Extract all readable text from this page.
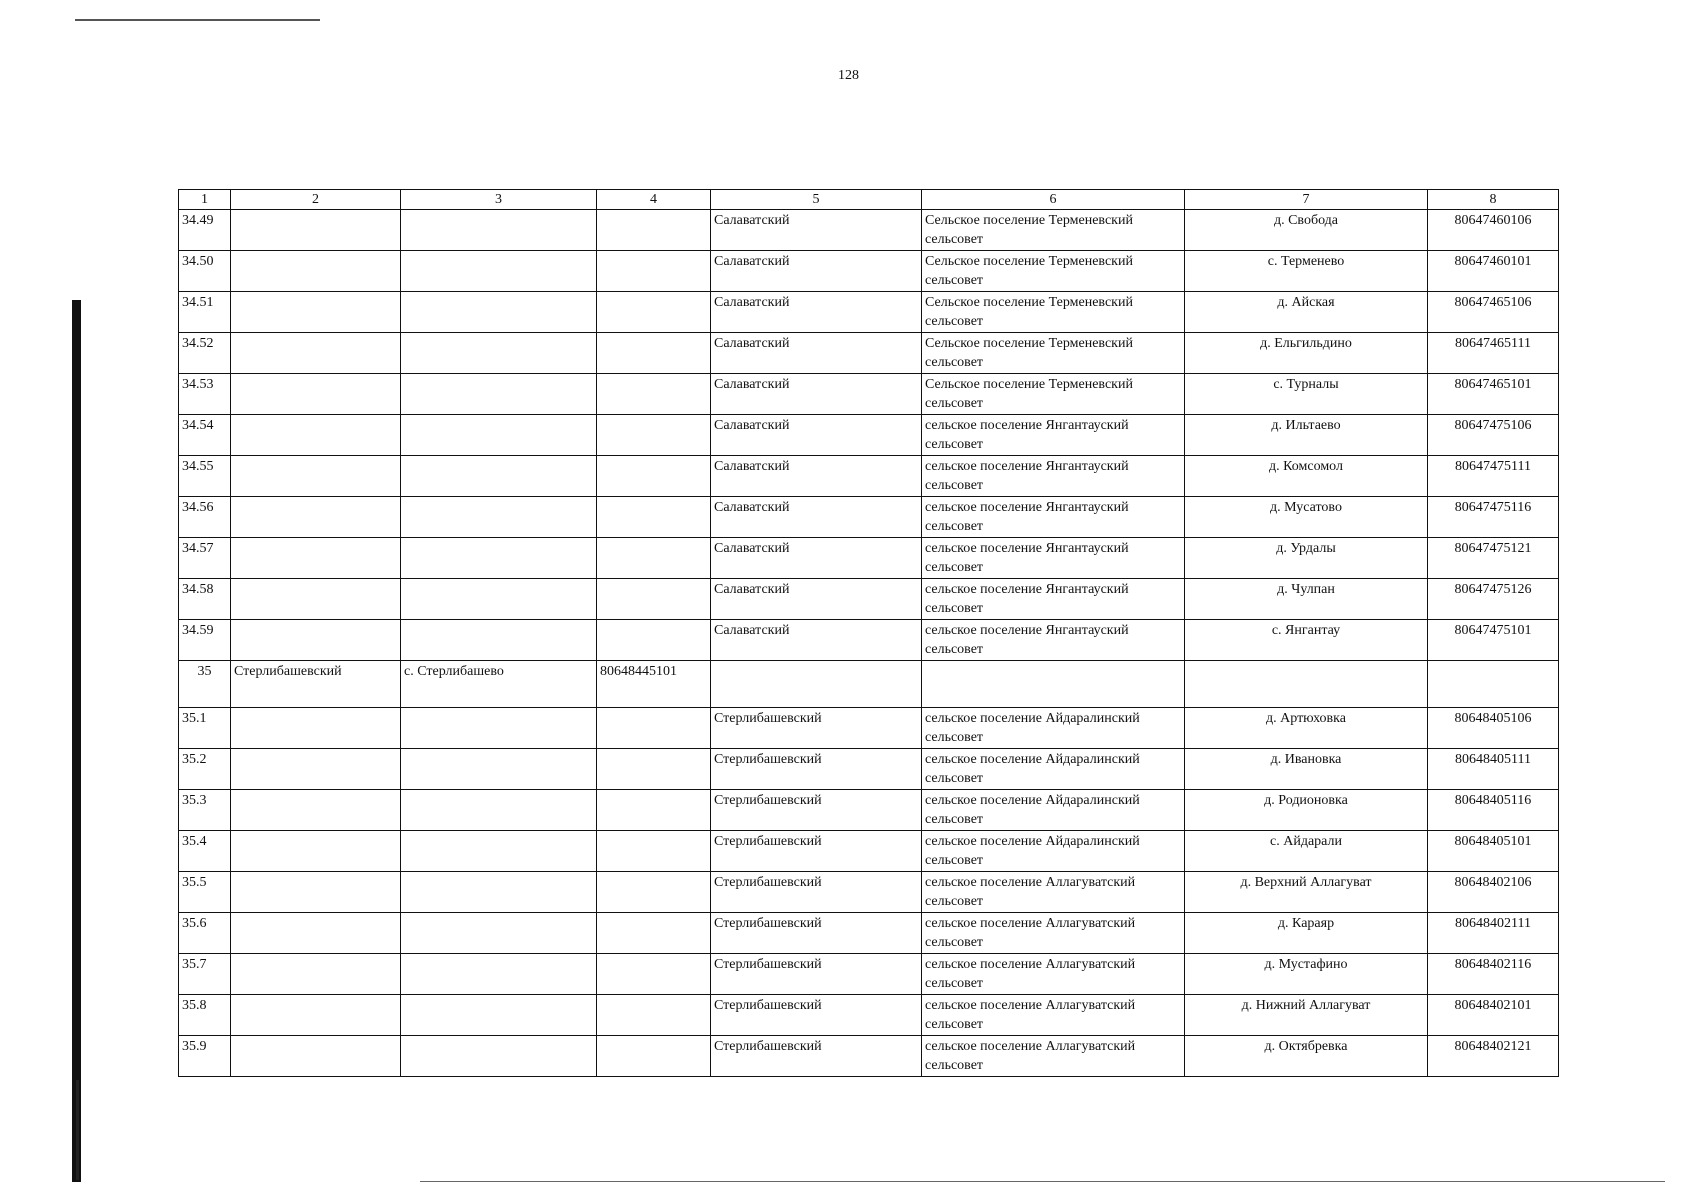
128
1	2	3	4	5	6	7	8
34.49				Салаватский	Сельское поселение Терменевский сельсовет	д. Свобода	80647460106
34.50				Салаватский	Сельское поселение Терменевский сельсовет	с. Терменево	80647460101
34.51				Салаватский	Сельское поселение Терменевский сельсовет	д. Айская	80647465106
34.52				Салаватский	Сельское поселение Терменевский сельсовет	д. Ельгильдино	80647465111
34.53				Салаватский	Сельское поселение Терменевский сельсовет	с. Турналы	80647465101
34.54				Салаватский	сельское поселение Янгантауский сельсовет	д. Ильтаево	80647475106
34.55				Салаватский	сельское поселение Янгантауский сельсовет	д. Комсомол	80647475111
34.56				Салаватский	сельское поселение Янгантауский сельсовет	д. Мусатово	80647475116
34.57				Салаватский	сельское поселение Янгантауский сельсовет	д. Урдалы	80647475121
34.58				Салаватский	сельское поселение Янгантауский сельсовет	д. Чулпан	80647475126
34.59				Салаватский	сельское поселение Янгантауский сельсовет	с. Янгантау	80647475101
35	Стерлибашевский	с. Стерлибашево	80648445101				
35.1				Стерлибашевский	сельское поселение Айдаралинский сельсовет	д. Артюховка	80648405106
35.2				Стерлибашевский	сельское поселение Айдаралинский сельсовет	д. Ивановка	80648405111
35.3				Стерлибашевский	сельское поселение Айдаралинский сельсовет	д. Родионовка	80648405116
35.4				Стерлибашевский	сельское поселение Айдаралинский сельсовет	с. Айдарали	80648405101
35.5				Стерлибашевский	сельское поселение Аллагуватский сельсовет	д. Верхний Аллагуват	80648402106
35.6				Стерлибашевский	сельское поселение Аллагуватский сельсовет	д. Караяр	80648402111
35.7				Стерлибашевский	сельское поселение Аллагуватский сельсовет	д. Мустафино	80648402116
35.8				Стерлибашевский	сельское поселение Аллагуватский сельсовет	д. Нижний Аллагуват	80648402101
35.9				Стерлибашевский	сельское поселение Аллагуватский сельсовет	д. Октябревка	80648402121
